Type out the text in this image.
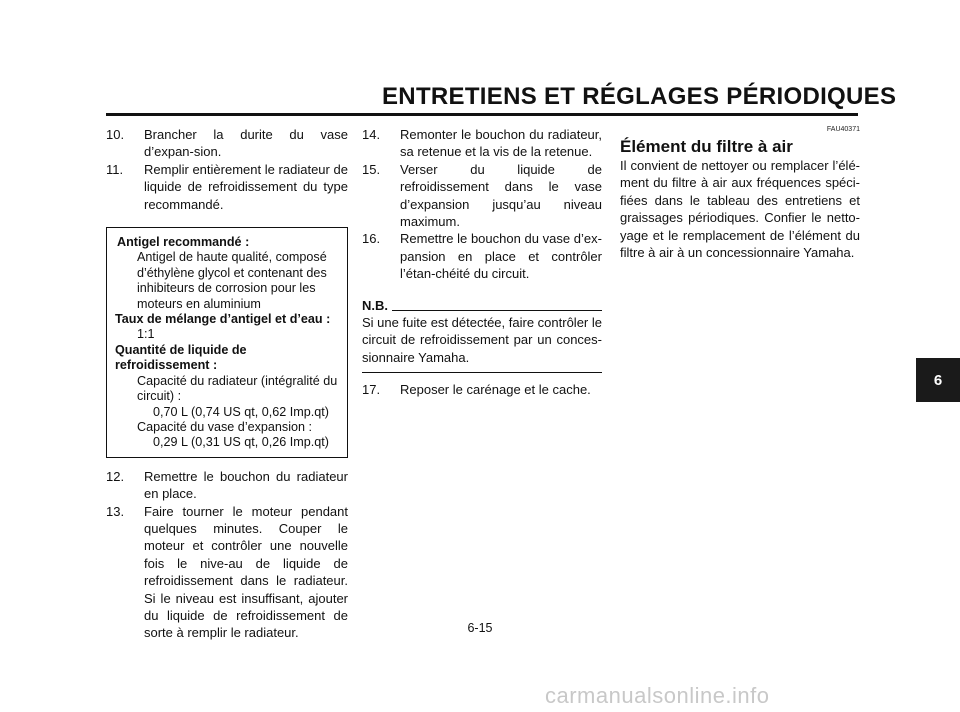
ENTRETIENS ET RÉGLAGES PÉRIODIQUES
10. Brancher la durite du vase d’expan-sion.
11. Remplir entièrement le radiateur de liquide de refroidissement du type recommandé.
Antigel recommandé :
Antigel de haute qualité, composé d’éthylène glycol et contenant des inhibiteurs de corrosion pour les moteurs en aluminium
Taux de mélange d’antigel et d’eau :
1:1
Quantité de liquide de refroidissement :
Capacité du radiateur (intégralité du circuit) :
0,70 L (0,74 US qt, 0,62 Imp.qt)
Capacité du vase d’expansion :
0,29 L (0,31 US qt, 0,26 Imp.qt)
12. Remettre le bouchon du radiateur en place.
13. Faire tourner le moteur pendant quelques minutes. Couper le moteur et contrôler une nouvelle fois le nive-au de liquide de refroidissement dans le radiateur. Si le niveau est insuffisant, ajouter du liquide de refroidissement de sorte à remplir le radiateur.
14. Remonter le bouchon du radiateur, sa retenue et la vis de la retenue.
15. Verser du liquide de refroidissement dans le vase d’expansion jusqu’au niveau maximum.
16. Remettre le bouchon du vase d’ex-pansion en place et contrôler l’étan-chéité du circuit.
N.B.
Si une fuite est détectée, faire contrôler le circuit de refroidissement par un conces-sionnaire Yamaha.
17. Reposer le carénage et le cache.
FAU40371
Élément du filtre à air
Il convient de nettoyer ou remplacer l’élé-ment du filtre à air aux fréquences spéci-fiées dans le tableau des entretiens et graissages périodiques. Confier le netto-yage et le remplacement de l’élément du filtre à air à un concessionnaire Yamaha.
6
6-15
carmanualsonline.info
